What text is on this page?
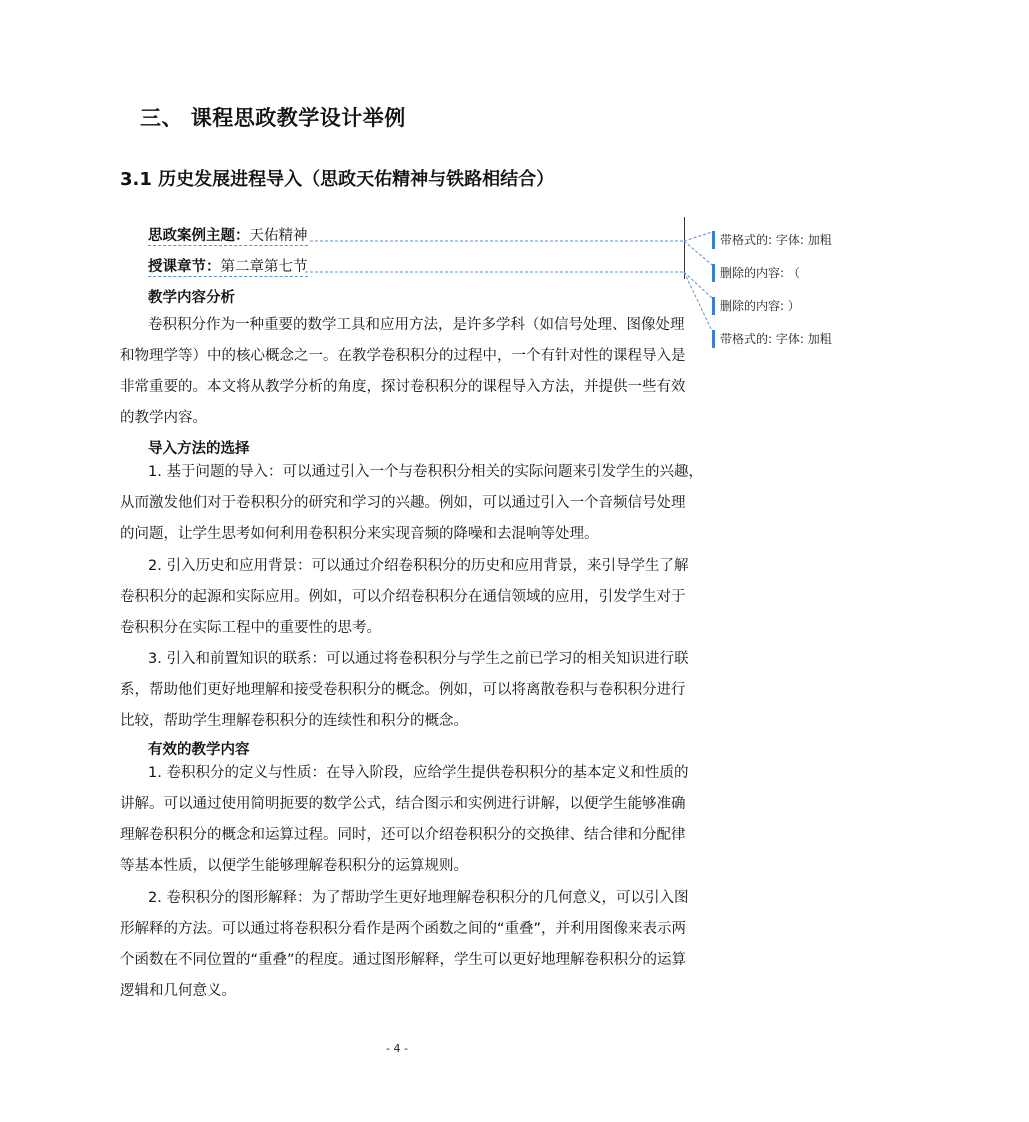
三、 课程思政教学设计举例
3.1 历史发展进程导入（思政天佑精神与铁路相结合）
思政案例主题：天佑精神
授课章节：第二章第七节
教学内容分析
卷积积分作为一种重要的数学工具和应用方法，是许多学科（如信号处理、图像处理
和物理学等）中的核心概念之一。在教学卷积积分的过程中，一个有针对性的课程导入是
非常重要的。本文将从教学分析的角度，探讨卷积积分的课程导入方法，并提供一些有效
的教学内容。
导入方法的选择
1. 基于问题的导入：可以通过引入一个与卷积积分相关的实际问题来引发学生的兴趣，
从而激发他们对于卷积积分的研究和学习的兴趣。例如，可以通过引入一个音频信号处理
的问题，让学生思考如何利用卷积积分来实现音频的降噪和去混响等处理。
2. 引入历史和应用背景：可以通过介绍卷积积分的历史和应用背景，来引导学生了解
卷积积分的起源和实际应用。例如，可以介绍卷积积分在通信领域的应用，引发学生对于
卷积积分在实际工程中的重要性的思考。
3. 引入和前置知识的联系：可以通过将卷积积分与学生之前已学习的相关知识进行联
系，帮助他们更好地理解和接受卷积积分的概念。例如，可以将离散卷积与卷积积分进行
比较，帮助学生理解卷积积分的连续性和积分的概念。
有效的教学内容
1. 卷积积分的定义与性质：在导入阶段，应给学生提供卷积积分的基本定义和性质的
讲解。可以通过使用简明扼要的数学公式，结合图示和实例进行讲解，以便学生能够准确
理解卷积积分的概念和运算过程。同时，还可以介绍卷积积分的交换律、结合律和分配律
等基本性质，以便学生能够理解卷积积分的运算规则。
2. 卷积积分的图形解释：为了帮助学生更好地理解卷积积分的几何意义，可以引入图
形解释的方法。可以通过将卷积积分看作是两个函数之间的“重叠”，并利用图像来表示两
个函数在不同位置的“重叠”的程度。通过图形解释，学生可以更好地理解卷积积分的运算
逻辑和几何意义。
带格式的: 字体: 加粗
删除的内容: （
删除的内容: ）
带格式的: 字体: 加粗
- 4 -
